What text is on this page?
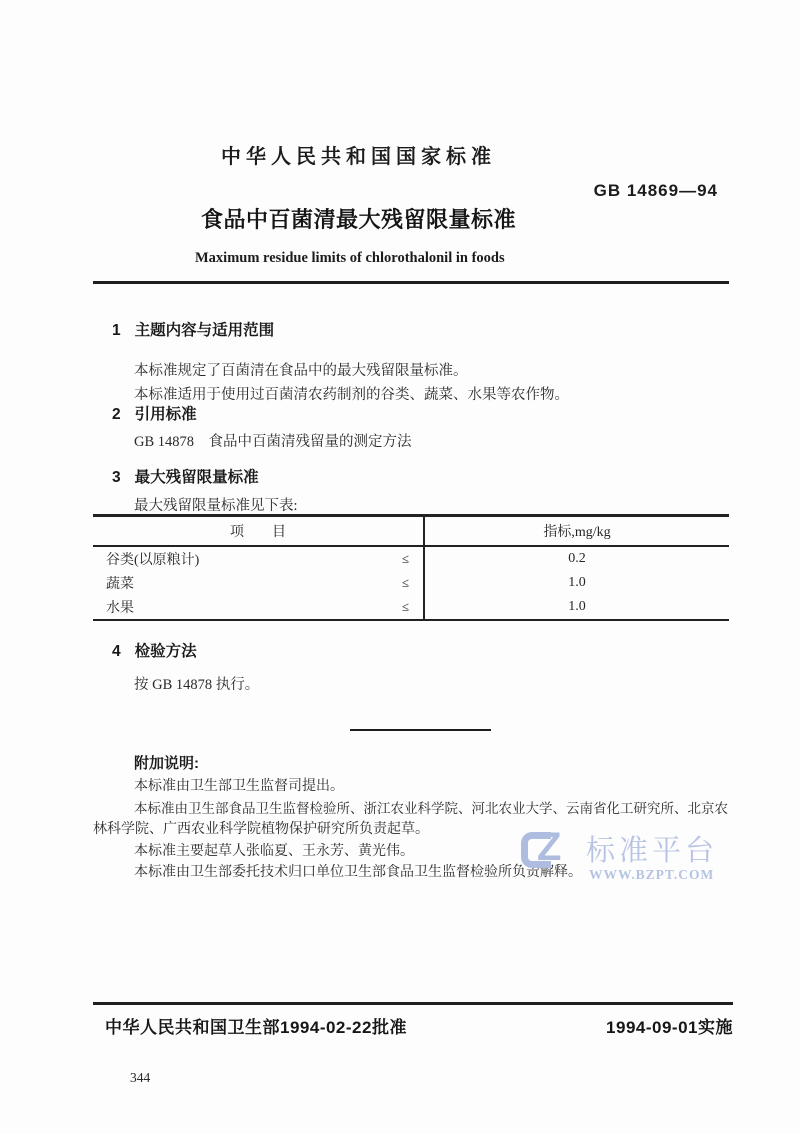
中华人民共和国国家标准
GB 14869—94
食品中百菌清最大残留限量标准
Maximum residue limits of chlorothalonil in foods
1 主题内容与适用范围
本标准规定了百菌清在食品中的最大残留限量标准。
本标准适用于使用过百菌清农药制剂的谷类、蔬菜、水果等农作物。
2 引用标准
GB 14878　食品中百菌清残留量的测定方法
3 最大残留限量标准
最大残留限量标准见下表:
项　　目	指标,mg/kg
谷类(以原粮计)	≤	0.2
蔬菜	≤	1.0
水果	≤	1.0
4 检验方法
按 GB 14878 执行。
附加说明:
本标准由卫生部卫生监督司提出。
本标准由卫生部食品卫生监督检验所、浙江农业科学院、河北农业大学、云南省化工研究所、北京农
林科学院、广西农业科学院植物保护研究所负责起草。
本标准主要起草人张临夏、王永芳、黄光伟。
本标准由卫生部委托技术归口单位卫生部食品卫生监督检验所负责解释。
Z 标准平台
WWW.BZPT.COM
中华人民共和国卫生部1994-02-22批准	1994-09-01实施
344
